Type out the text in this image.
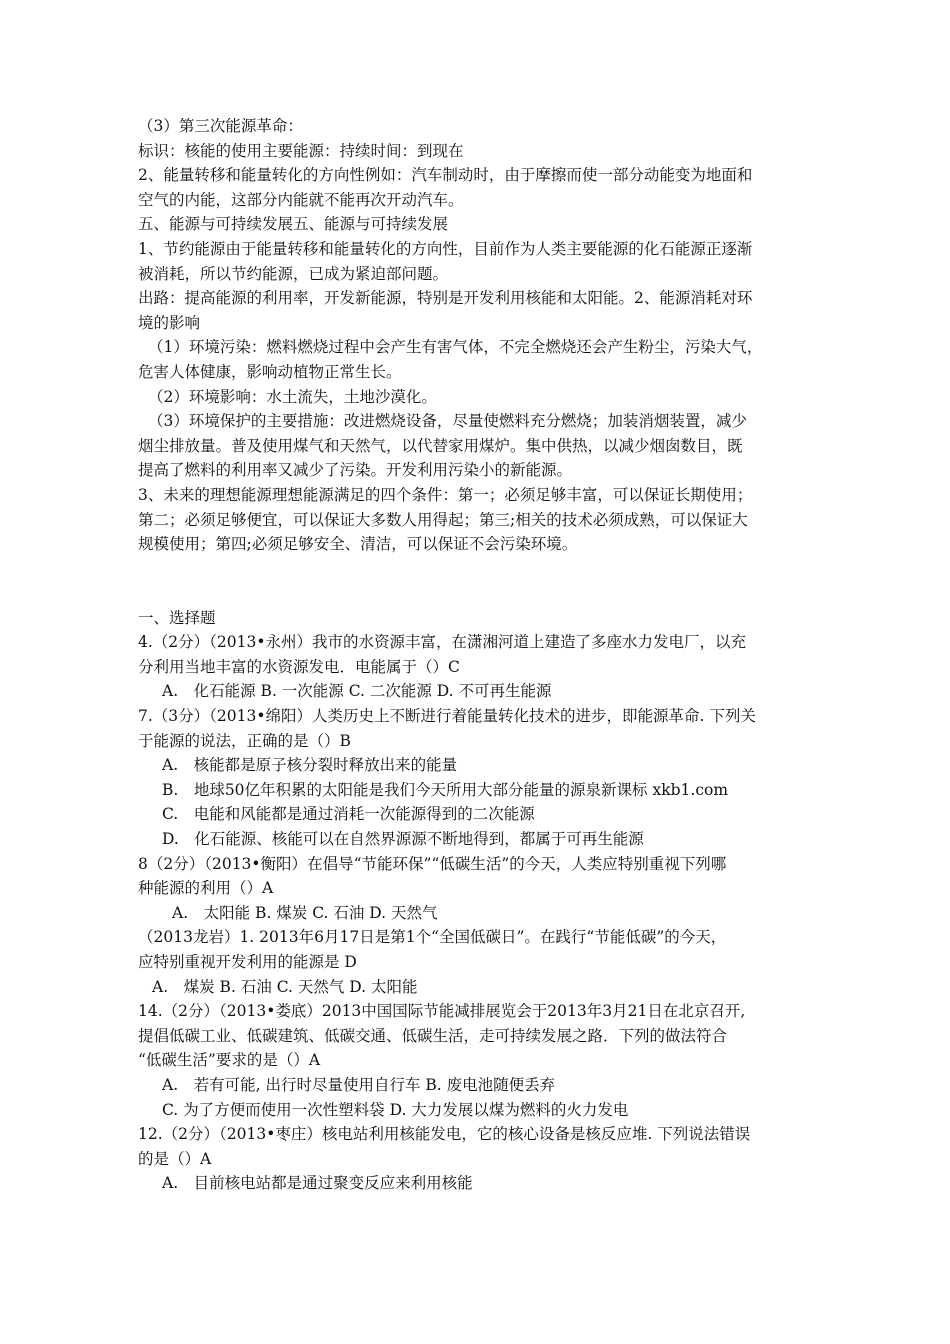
（3）第三次能源革命：
标识：核能的使用主要能源：持续时间：到现在
2、能量转移和能量转化的方向性例如：汽车制动时，由于摩擦而使一部分动能变为地面和
空气的内能，这部分内能就不能再次开动汽车。
五、能源与可持续发展五、能源与可持续发展
1、节约能源由于能量转移和能量转化的方向性，目前作为人类主要能源的化石能源正逐渐
被消耗，所以节约能源，已成为紧迫部问题。
出路：提高能源的利用率，开发新能源，特别是开发利用核能和太阳能。2、能源消耗对环
境的影响
（1）环境污染：燃料燃烧过程中会产生有害气体，不完全燃烧还会产生粉尘，污染大气，
危害人体健康，影响动植物正常生长。
（2）环境影响：水土流失，土地沙漠化。
（3）环境保护的主要措施：改进燃烧设备，尽量使燃料充分燃烧；加装消烟装置，减少
烟尘排放量。普及使用煤气和天然气，以代替家用煤炉。集中供热，以减少烟囱数目，既
提高了燃料的利用率又减少了污染。开发利用污染小的新能源。
3、未来的理想能源理想能源满足的四个条件：第一；必须足够丰富，可以保证长期使用；
第二；必须足够便宜，可以保证大多数人用得起；第三;相关的技术必须成熟，可以保证大
规模使用；第四;必须足够安全、清洁，可以保证不会污染环境。
一、选择题
4.（2分）（2013•永州）我市的水资源丰富，在潇湘河道上建造了多座水力发电厂，以充
分利用当地丰富的水资源发电．电能属于（）C
A.　化石能源 B. 一次能源 C. 二次能源 D. 不可再生能源
7.（3分）（2013•绵阳）人类历史上不断进行着能量转化技术的进步，即能源革命. 下列关
于能源的说法，正确的是（）B
A.　核能都是原子核分裂时释放出来的能量
B.　地球50亿年积累的太阳能是我们今天所用大部分能量的源泉新课标 xkb1.com
C.　电能和风能都是通过消耗一次能源得到的二次能源
D.　化石能源、核能可以在自然界源源不断地得到，都属于可再生能源
8（2分）（2013•衡阳）在倡导“节能环保”“低碳生活”的今天，人类应特别重视下列哪
种能源的利用（）A
A.　太阳能 B. 煤炭 C. 石油 D. 天然气
（2013龙岩）1. 2013年6月17日是第1个“全国低碳日”。在践行“节能低碳”的今天，
应特别重视开发利用的能源是 D
A.　煤炭 B. 石油 C. 天然气 D. 太阳能
14.（2分）（2013•娄底）2013中国国际节能减排展览会于2013年3月21日在北京召开,
提倡低碳工业、低碳建筑、低碳交通、低碳生活，走可持续发展之路．下列的做法符合
“低碳生活”要求的是（）A
A.　若有可能, 出行时尽量使用自行车 B. 废电池随便丢弃
C. 为了方便而使用一次性塑料袋 D. 大力发展以煤为燃料的火力发电
12.（2分）（2013•枣庄）核电站利用核能发电，它的核心设备是核反应堆. 下列说法错误
的是（）A
A.　目前核电站都是通过聚变反应来利用核能
